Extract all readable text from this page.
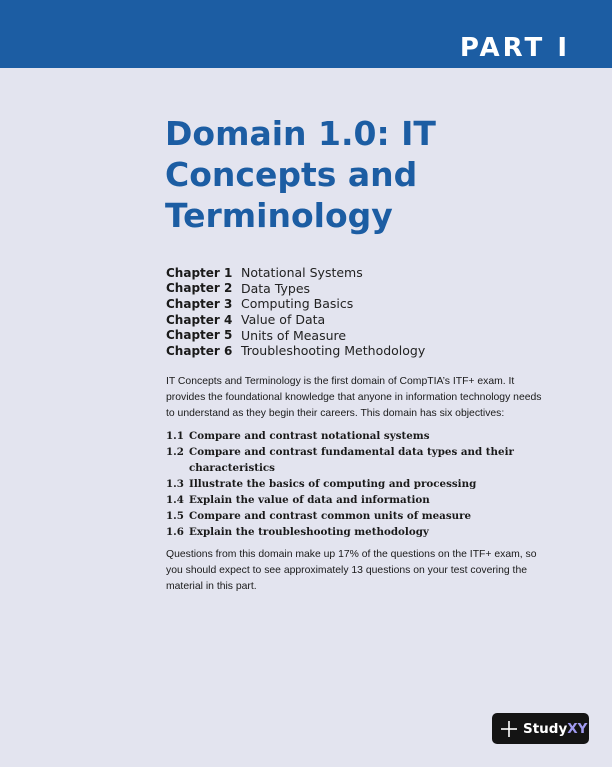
PART I
Domain 1.0: IT Concepts and Terminology
Chapter 1 Notational Systems
Chapter 2 Data Types
Chapter 3 Computing Basics
Chapter 4 Value of Data
Chapter 5 Units of Measure
Chapter 6 Troubleshooting Methodology

IT Concepts and Terminology is the first domain of CompTIA’s ITF+ exam. It provides the foundational knowledge that anyone in information technology needs to understand as they begin their careers. This domain has six objectives:

1.1 Compare and contrast notational systems
1.2 Compare and contrast fundamental data types and their characteristics
1.3 Illustrate the basics of computing and processing
1.4 Explain the value of data and information
1.5 Compare and contrast common units of measure
1.6 Explain the troubleshooting methodology

Questions from this domain make up 17% of the questions on the ITF+ exam, so you should expect to see approximately 13 questions on your test covering the material in this part.

StudyXY
